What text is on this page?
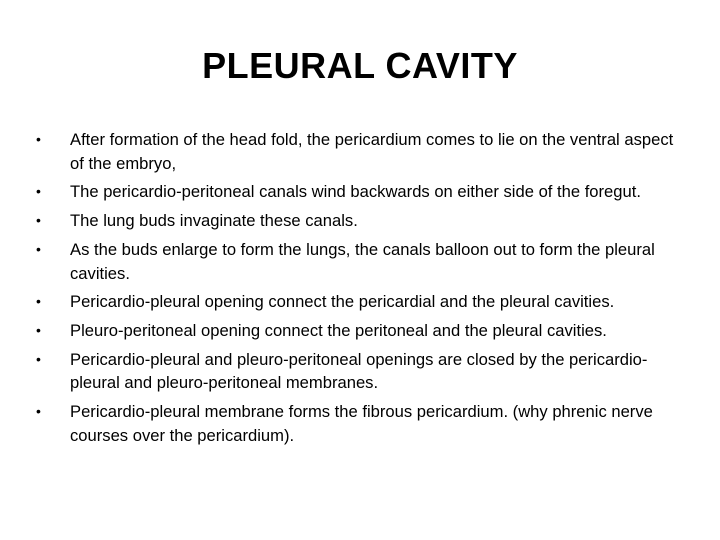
PLEURAL CAVITY
•	After formation of the head fold, the pericardium comes to lie on the ventral aspect of the embryo,
•	The pericardio-peritoneal canals wind backwards on either side of the foregut.
•	The lung buds invaginate these canals.
•	As the buds enlarge to form the lungs, the canals balloon out to form the pleural cavities.
•	Pericardio-pleural opening connect the pericardial and the pleural cavities.
•	Pleuro-peritoneal opening connect the peritoneal and the pleural cavities.
•	Pericardio-pleural and pleuro-peritoneal openings are closed by the pericardio-pleural and pleuro-peritoneal membranes.
•	Pericardio-pleural membrane forms the fibrous pericardium. (why phrenic nerve courses over the pericardium).
